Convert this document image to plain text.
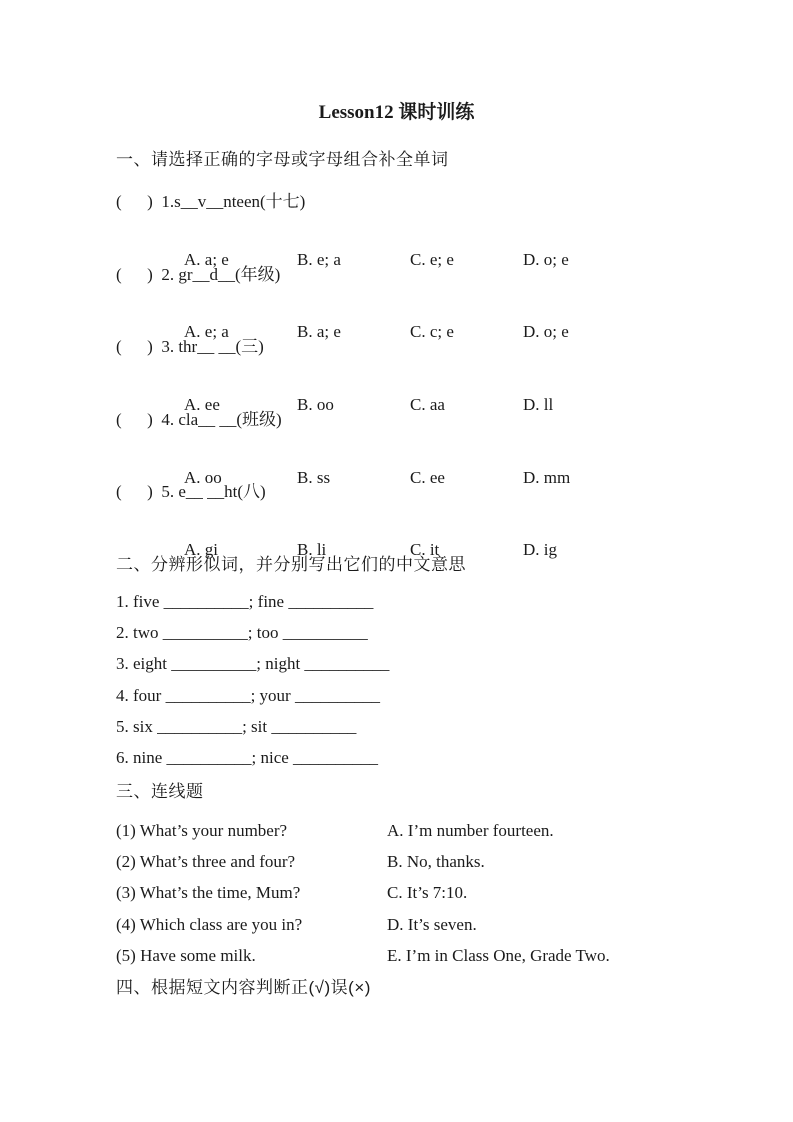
Lesson12 课时训练
一、请选择正确的字母或字母组合补全单词
(      )  1.s__v__nteen(十七)

A. a; e	B. e; a	C. e; e	D. o; e

(      )  2. gr__d__(年级)

A. e; a	B. a; e	C. c; e	D. o; e

(      )  3. thr__ __(三)

A. ee	B. oo	C. aa	D. ll

(      )  4. cla__ __(班级)

A. oo	B. ss	C. ee	D. mm

(      )  5. e__ __ht(八)

A. gi	B. li	C. it	D. ig

二、分辨形似词，并分别写出它们的中文意思
1. five __________; fine __________
2. two __________; too __________
3. eight __________; night __________
4. four __________; your __________
5. six __________; sit __________
6. nine __________; nice __________
三、连线题
(1) What’s your number?	A. I’m number fourteen.
(2) What’s three and four?	B. No, thanks.
(3) What’s the time, Mum?	C. It’s 7:10.
(4) Which class are you in?	D. It’s seven.
(5) Have some milk.	E. I’m in Class One, Grade Two.
四、根据短文内容判断正(√)误(×)
